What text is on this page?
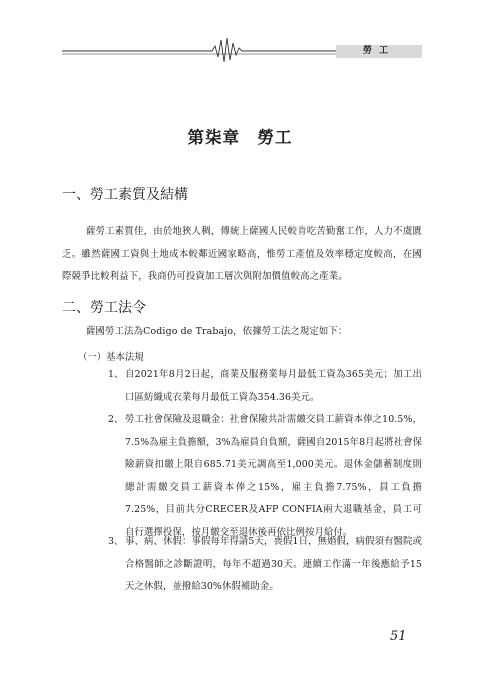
勞工
第柒章　勞工
一、勞工素質及結構

薩勞工素質佳，由於地狹人稠，傳統上薩國人民較肯吃苦勤奮工作，人力不虞匱乏。雖然薩國工資與土地成本較鄰近國家略高，惟勞工產值及效率穩定度較高，在國際競爭比較利益下，我商仍可投資加工層次與附加價值較高之產業。

二、勞工法令

薩國勞工法為Codigo de Trabajo，依據勞工法之規定如下：

（一）基本法規

1、 自2021年8月2日起，商業及服務業每月最低工資為365美元；加工出口區紡織成衣業每月最低工資為354.36美元。
2、 勞工社會保險及退職金：社會保險共計需繳交員工薪資本俸之10.5%，7.5%為雇主負擔額，3%為雇員自負額，薩國自2015年8月起將社會保險薪資扣繳上限自685.71美元調高至1,000美元。退休金儲蓄制度則總計需繳交員工薪資本俸之15%，雇主負擔7.75%，員工負擔7.25%，目前共分CRECER及AFP CONFIA兩大退職基金，員工可自行選擇投保，按月繳交至退休後再依比例按月給付。
3、 事、病、休假：事假每年得請5天，喪假1日，無婚假，病假須有醫院或合格醫師之診斷證明，每年不超過30天。連續工作滿一年後應給予15天之休假，並撥給30%休假補助金。

51
